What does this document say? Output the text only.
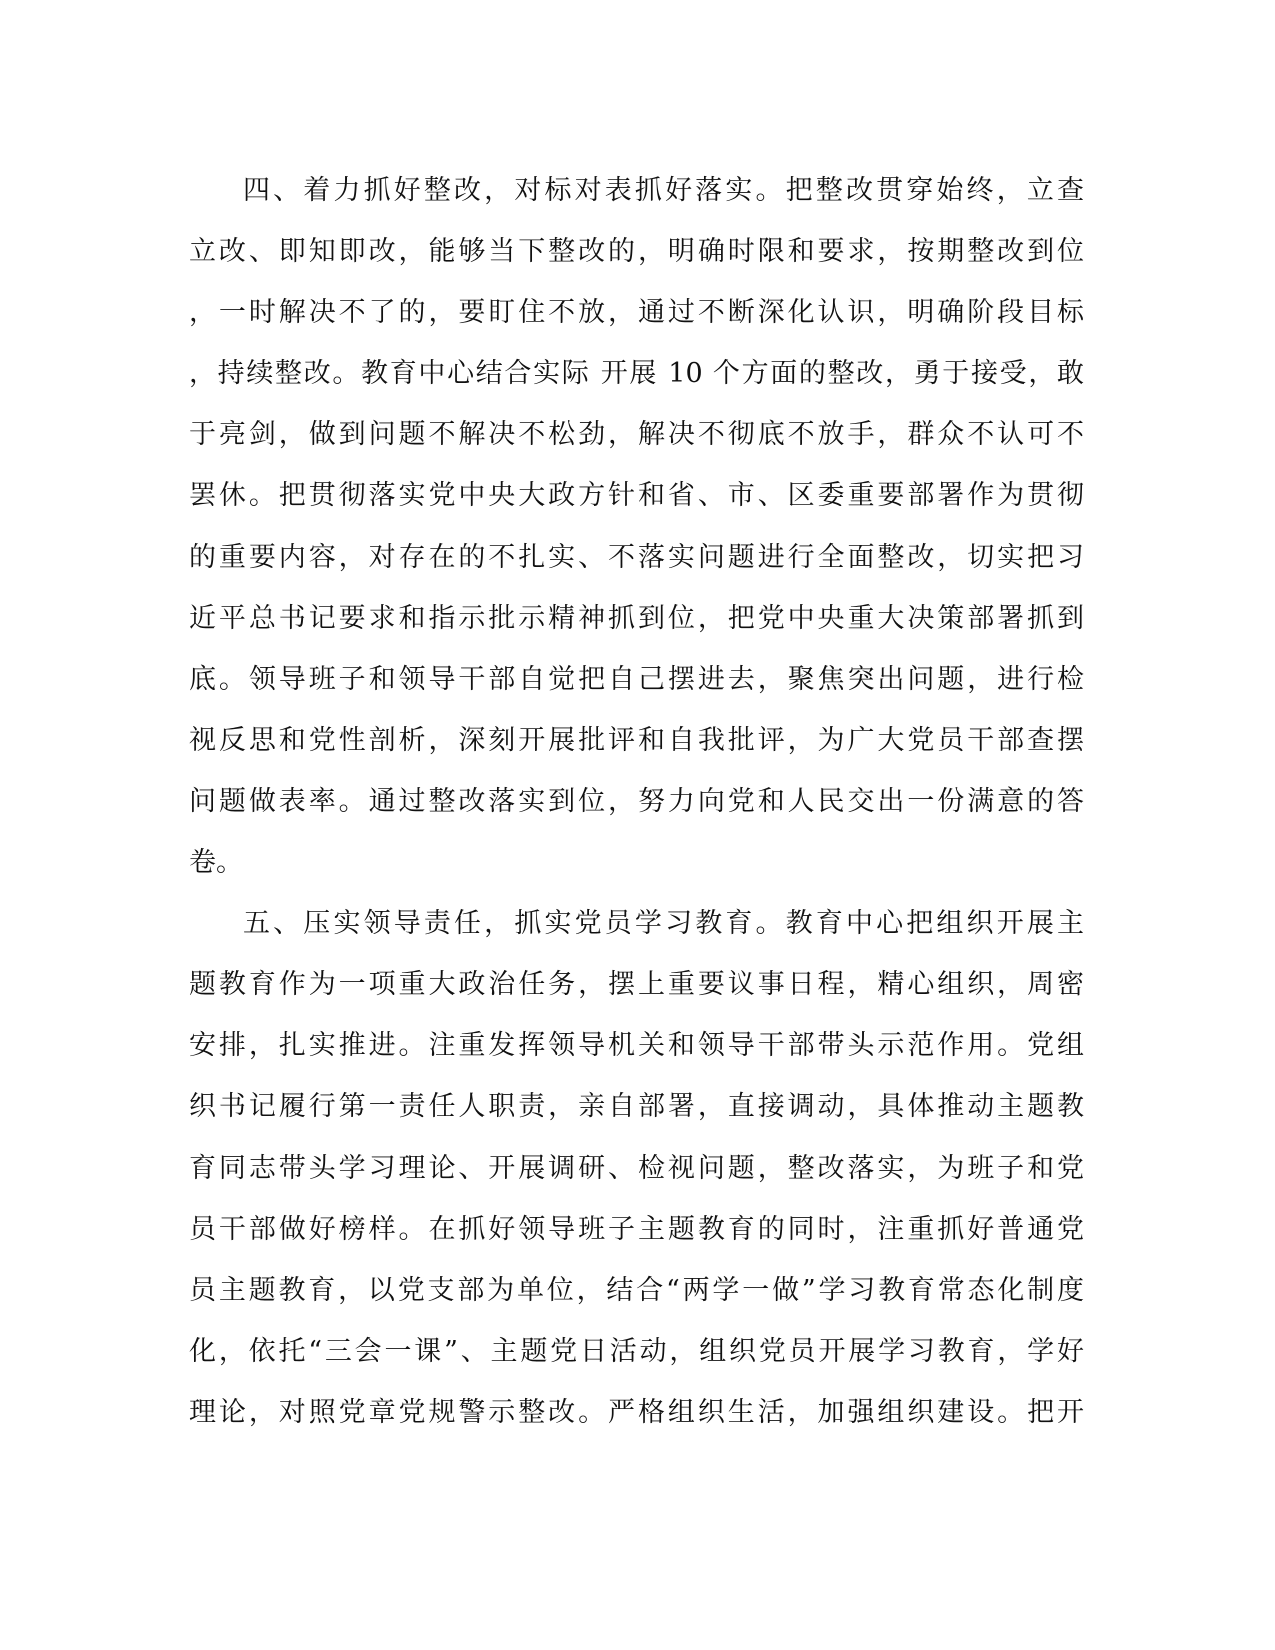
四、着力抓好整改，对标对表抓好落实。把整改贯穿始终，立查
立改、即知即改，能够当下整改的，明确时限和要求，按期整改到位
，一时解决不了的，要盯住不放，通过不断深化认识，明确阶段目标
，持续整改。教育中心结合实际 开展 10 个方面的整改，勇于接受，敢
于亮剑，做到问题不解决不松劲，解决不彻底不放手，群众不认可不
罢休。把贯彻落实党中央大政方针和省、市、区委重要部署作为贯彻
的重要内容，对存在的不扎实、不落实问题进行全面整改，切实把习
近平总书记要求和指示批示精神抓到位，把党中央重大决策部署抓到
底。领导班子和领导干部自觉把自己摆进去，聚焦突出问题，进行检
视反思和党性剖析，深刻开展批评和自我批评，为广大党员干部查摆
问题做表率。通过整改落实到位，努力向党和人民交出一份满意的答
卷。
五、压实领导责任，抓实党员学习教育。教育中心把组织开展主
题教育作为一项重大政治任务，摆上重要议事日程，精心组织，周密
安排，扎实推进。注重发挥领导机关和领导干部带头示范作用。党组
织书记履行第一责任人职责，亲自部署，直接调动，具体推动主题教
育同志带头学习理论、开展调研、检视问题，整改落实，为班子和党
员干部做好榜样。在抓好领导班子主题教育的同时，注重抓好普通党
员主题教育，以党支部为单位，结合“两学一做”学习教育常态化制度
化，依托“三会一课”、主题党日活动，组织党员开展学习教育，学好
理论，对照党章党规警示整改。严格组织生活，加强组织建设。把开
